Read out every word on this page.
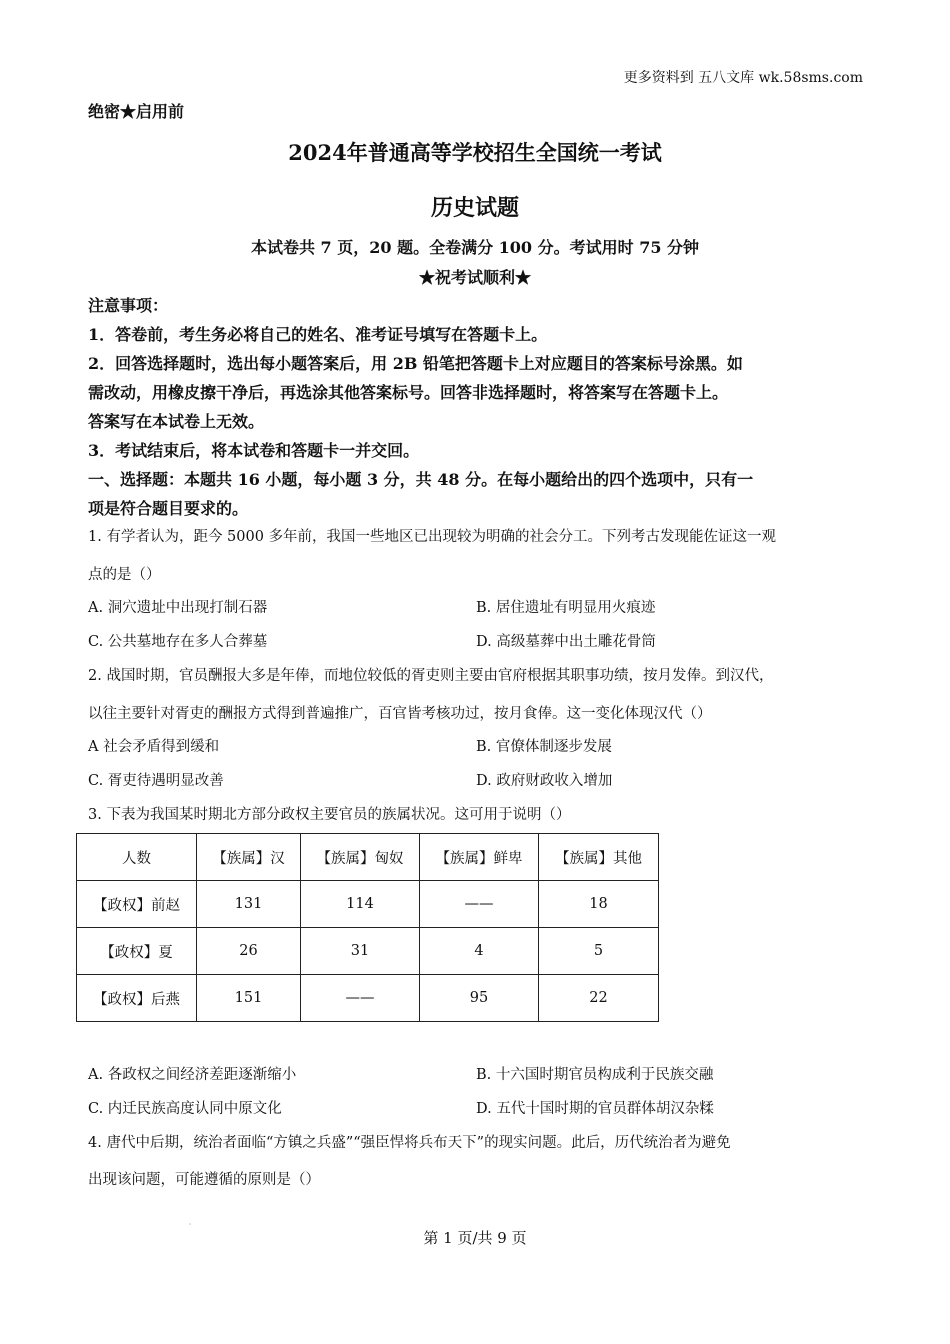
更多资料到 五八文库 wk.58sms.com
绝密★启用前
2024年普通高等学校招生全国统一考试
历史试题
本试卷共 7 页，20 题。全卷满分 100 分。考试用时 75 分钟
★祝考试顺利★
注意事项：
1．答卷前，考生务必将自己的姓名、准考证号填写在答题卡上。
2．回答选择题时，选出每小题答案后，用 2B 铅笔把答题卡上对应题目的答案标号涂黑。如
需改动，用橡皮擦干净后，再选涂其他答案标号。回答非选择题时，将答案写在答题卡上。
答案写在本试卷上无效。
3．考试结束后，将本试卷和答题卡一并交回。
一、选择题：本题共 16 小题，每小题 3 分，共 48 分。在每小题给出的四个选项中，只有一
项是符合题目要求的。
1. 有学者认为，距今 5000 多年前，我国一些地区已出现较为明确的社会分工。下列考古发现能佐证这一观
点的是（）
A. 洞穴遗址中出现打制石器	B. 居住遗址有明显用火痕迹
C. 公共墓地存在多人合葬墓	D. 高级墓葬中出土雕花骨筒
2. 战国时期，官员酬报大多是年俸，而地位较低的胥吏则主要由官府根据其职事功绩，按月发俸。到汉代，
以往主要针对胥吏的酬报方式得到普遍推广，百官皆考核功过，按月食俸。这一变化体现汉代（）
A 社会矛盾得到缓和	B. 官僚体制逐步发展
C. 胥吏待遇明显改善	D. 政府财政收入增加
3. 下表为我国某时期北方部分政权主要官员的族属状况。这可用于说明（）
人数	【族属】汉	【族属】匈奴	【族属】鲜卑	【族属】其他
【政权】前赵	131	114	——	18
【政权】夏	26	31	4	5
【政权】后燕	151	——	95	22
A. 各政权之间经济差距逐渐缩小	B. 十六国时期官员构成利于民族交融
C. 内迁民族高度认同中原文化	D. 五代十国时期的官员群体胡汉杂糅
4. 唐代中后期，统治者面临“方镇之兵盛”“强臣悍将兵布天下”的现实问题。此后，历代统治者为避免
出现该问题，可能遵循的原则是（）
˙
第 1 页/共 9 页
